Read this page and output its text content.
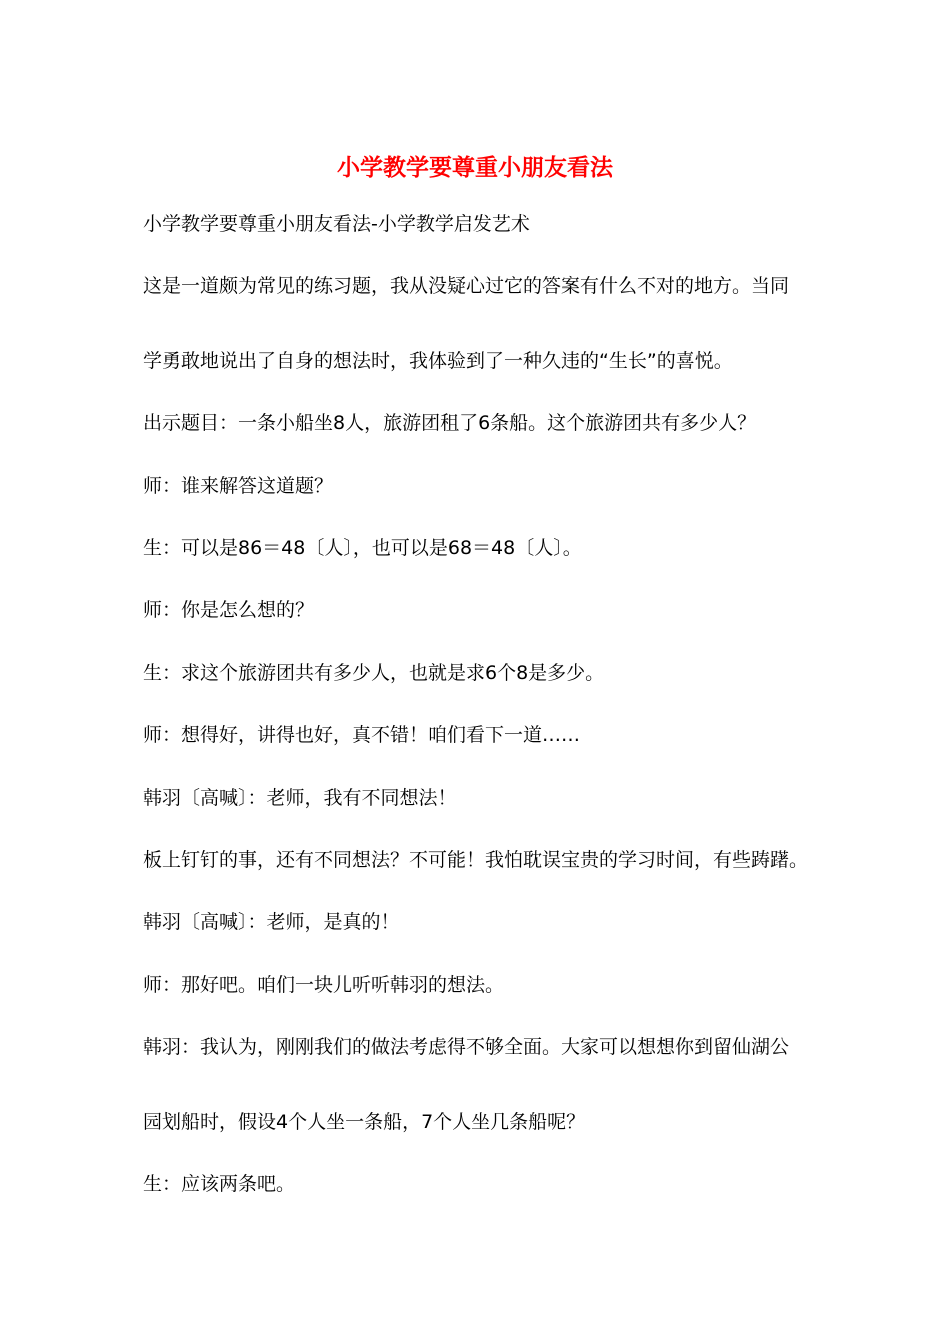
小学教学要尊重小朋友看法

小学教学要尊重小朋友看法-小学教学启发艺术

这是一道颇为常见的练习题，我从没疑心过它的答案有什么不对的地方。当同

学勇敢地说出了自身的想法时，我体验到了一种久违的“生长”的喜悦。

出示题目：一条小船坐8人，旅游团租了6条船。这个旅游团共有多少人？

师：谁来解答这道题？

生：可以是86＝48〔人〕，也可以是68＝48〔人〕。

师：你是怎么想的？

生：求这个旅游团共有多少人，也就是求6个8是多少。

师：想得好，讲得也好，真不错！咱们看下一道……

韩羽〔高喊〕：老师，我有不同想法！

板上钉钉的事，还有不同想法？不可能！我怕耽误宝贵的学习时间，有些踌躇。

韩羽〔高喊〕：老师，是真的！

师：那好吧。咱们一块儿听听韩羽的想法。

韩羽：我认为，刚刚我们的做法考虑得不够全面。大家可以想想你到留仙湖公

园划船时，假设4个人坐一条船，7个人坐几条船呢？

生：应该两条吧。
